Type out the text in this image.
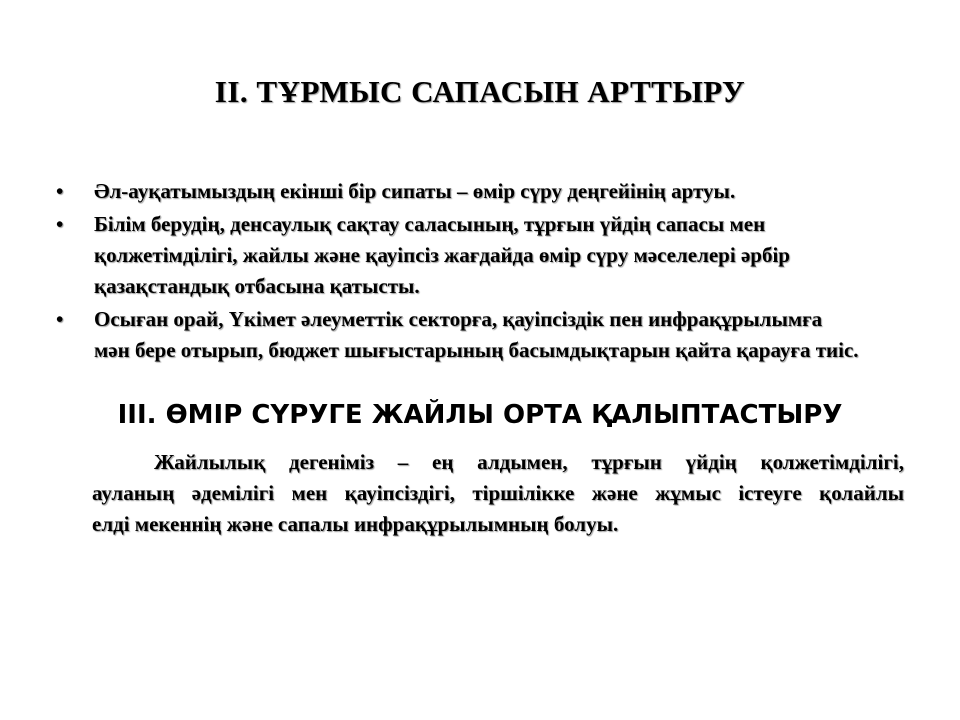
II. ТҰРМЫС САПАСЫН АРТТЫРУ
•	Әл-ауқатымыздың екінші бір сипаты – өмір сүру деңгейінің артуы.
•	Білім берудің, денсаулық сақтау саласының, тұрғын үйдің сапасы мен
қолжетімділігі, жайлы және қауіпсіз жағдайда өмір сүру мәселелері әрбір
қазақстандық отбасына қатысты.
•	Осыған орай, Үкімет әлеуметтік секторға, қауіпсіздік пен инфрақұрылымға
мән бере отырып, бюджет шығыстарының басымдықтарын қайта қарауға тиіс.
III. ӨМІР СҮРУГЕ ЖАЙЛЫ ОРТА ҚАЛЫПТАСТЫРУ
Жайлылық дегеніміз – ең алдымен, тұрғын үйдің қолжетімділігі,
ауланың әдемілігі мен қауіпсіздігі, тіршілікке және жұмыс істеуге қолайлы
елді мекеннің және сапалы инфрақұрылымның болуы.
